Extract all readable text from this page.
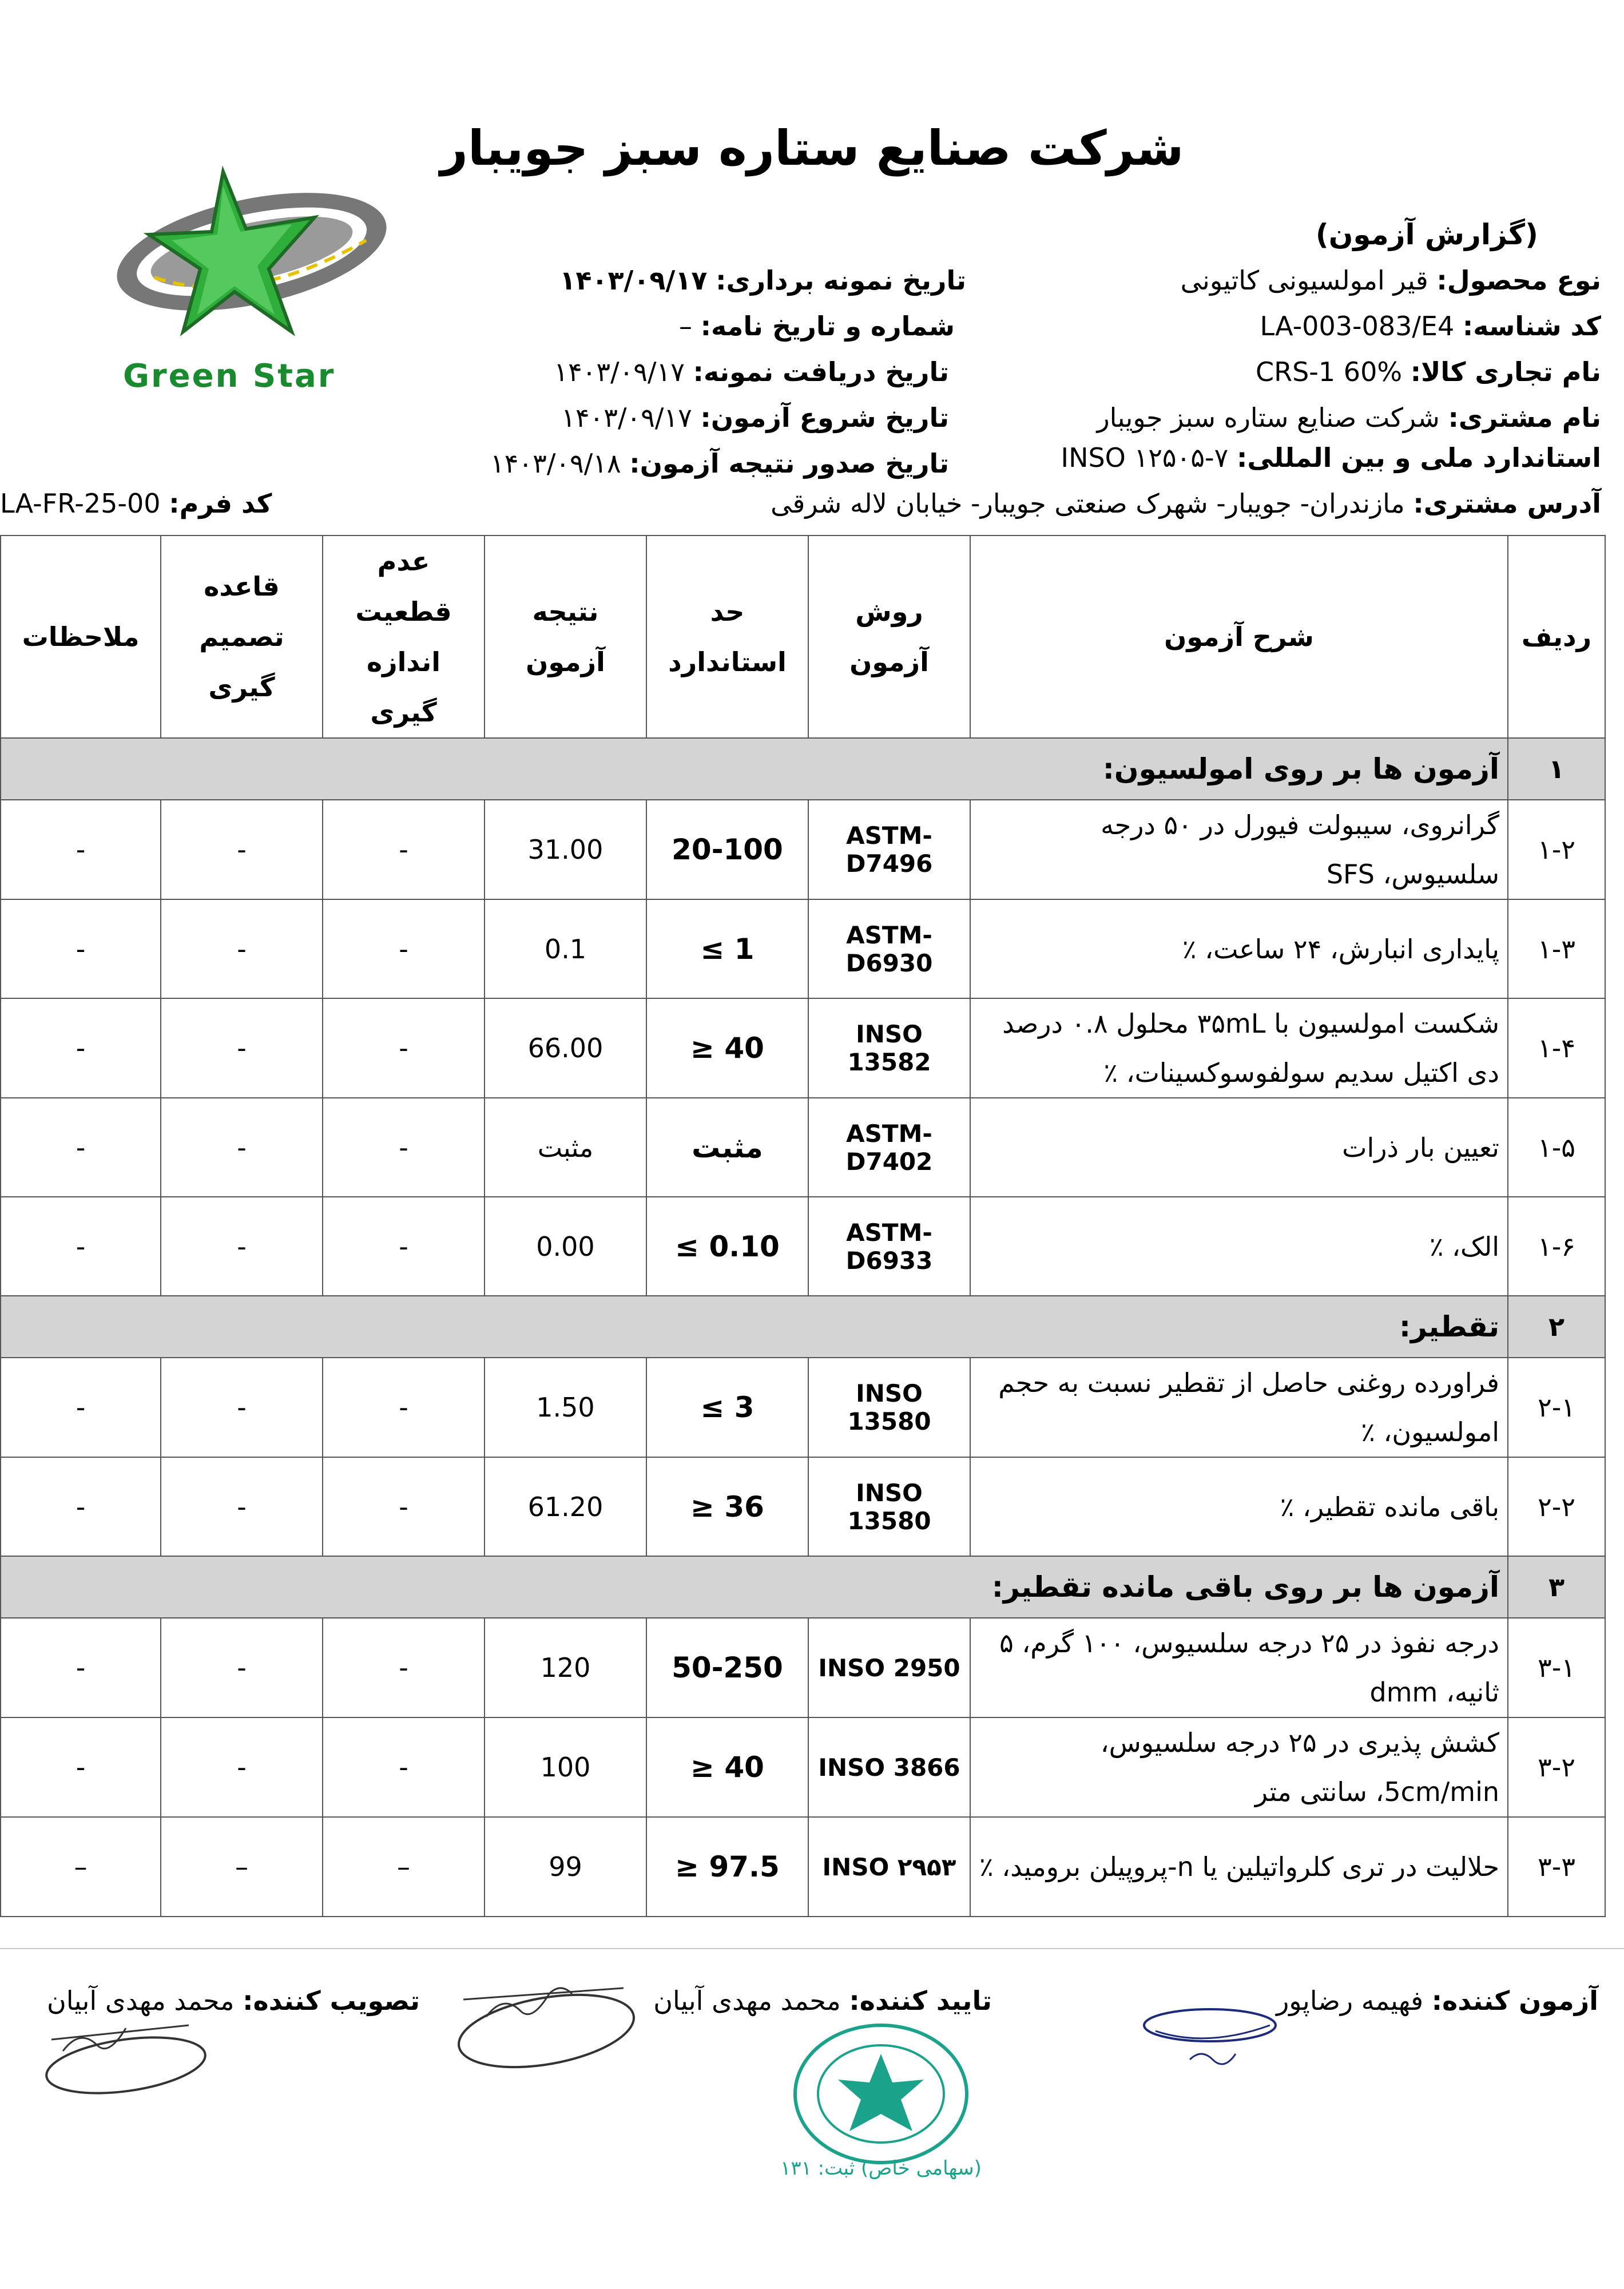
شرکت صنایع ستاره سبز جویبار
Green Star
(گزارش آزمون)
نوع محصول: قیر امولسیونی کاتیونی
کد شناسه: LA-003-083/E4
نام تجاری کالا: %CRS-1 60
نام مشتری: شرکت صنایع ستاره سبز جویبار
استاندارد ملی و بین المللی: INSO ۱۲۵۰۵-۷
آدرس مشتری: مازندران- جویبار- شهرک صنعتی جویبار- خیابان لاله شرقی
تاریخ نمونه برداری: ۱۴۰۳/۰۹/۱۷
شماره و تاریخ نامه: –
تاریخ دریافت نمونه: ۱۴۰۳/۰۹/۱۷
تاریخ شروع آزمون: ۱۴۰۳/۰۹/۱۷
تاریخ صدور نتیجه آزمون: ۱۴۰۳/۰۹/۱۸
کد فرم: LA-FR-25-00
ردیف	شرح آزمون	روش آزمون	حد استاندارد	نتیجه آزمون	عدم قطعیت اندازه گیری	قاعده تصمیم گیری	ملاحظات
۱	آزمون ها بر روی امولسیون:						
۱-۲	گرانروی، سیبولت فیورل در ۵۰ درجه سلسیوس، SFS	ASTM-D7496	20-100	31.00	-	-	-
۱-۳	پایداری انبارش، ۲۴ ساعت، ٪	ASTM-D6930	1 ≥	0.1	-	-	-
۱-۴	شکست امولسیون با ۳۵mL محلول ۰.۸ درصد دی اکتیل سدیم سولفوسوکسینات، ٪	INSO 13582	40 ≤	66.00	-	-	-
۱-۵	تعیین بار ذرات	ASTM-D7402	مثبت	مثبت	-	-	-
۱-۶	الک، ٪	ASTM-D6933	0.10 ≥	0.00	-	-	-
۲	تقطیر:						
۲-۱	فراورده روغنی حاصل از تقطیر نسبت به حجم امولسیون، ٪	INSO 13580	3 ≥	1.50	-	-	-
۲-۲	باقی مانده تقطیر، ٪	INSO 13580	36 ≤	61.20	-	-	-
۳	آزمون ها بر روی باقی مانده تقطیر:						
۳-۱	درجه نفوذ در ۲۵ درجه سلسیوس، ۱۰۰ گرم، ۵ ثانیه، dmm	INSO 2950	50-250	120	-	-	-
۳-۲	کشش پذیری در ۲۵ درجه سلسیوس، 5cm/min، سانتی متر	INSO 3866	40 ≤	100	-	-	-
۳-۳	حلالیت در تری کلرواتیلین یا n-پروپیلن برومید، ٪	INSO ۲۹۵۳	97.5 ≤	99	–	–	–
آزمون کننده: فهیمه رضاپور
تایید کننده: محمد مهدی آبیان
تصویب کننده: محمد مهدی آبیان
(سهامی خاص) ثبت: ۱۳۱
